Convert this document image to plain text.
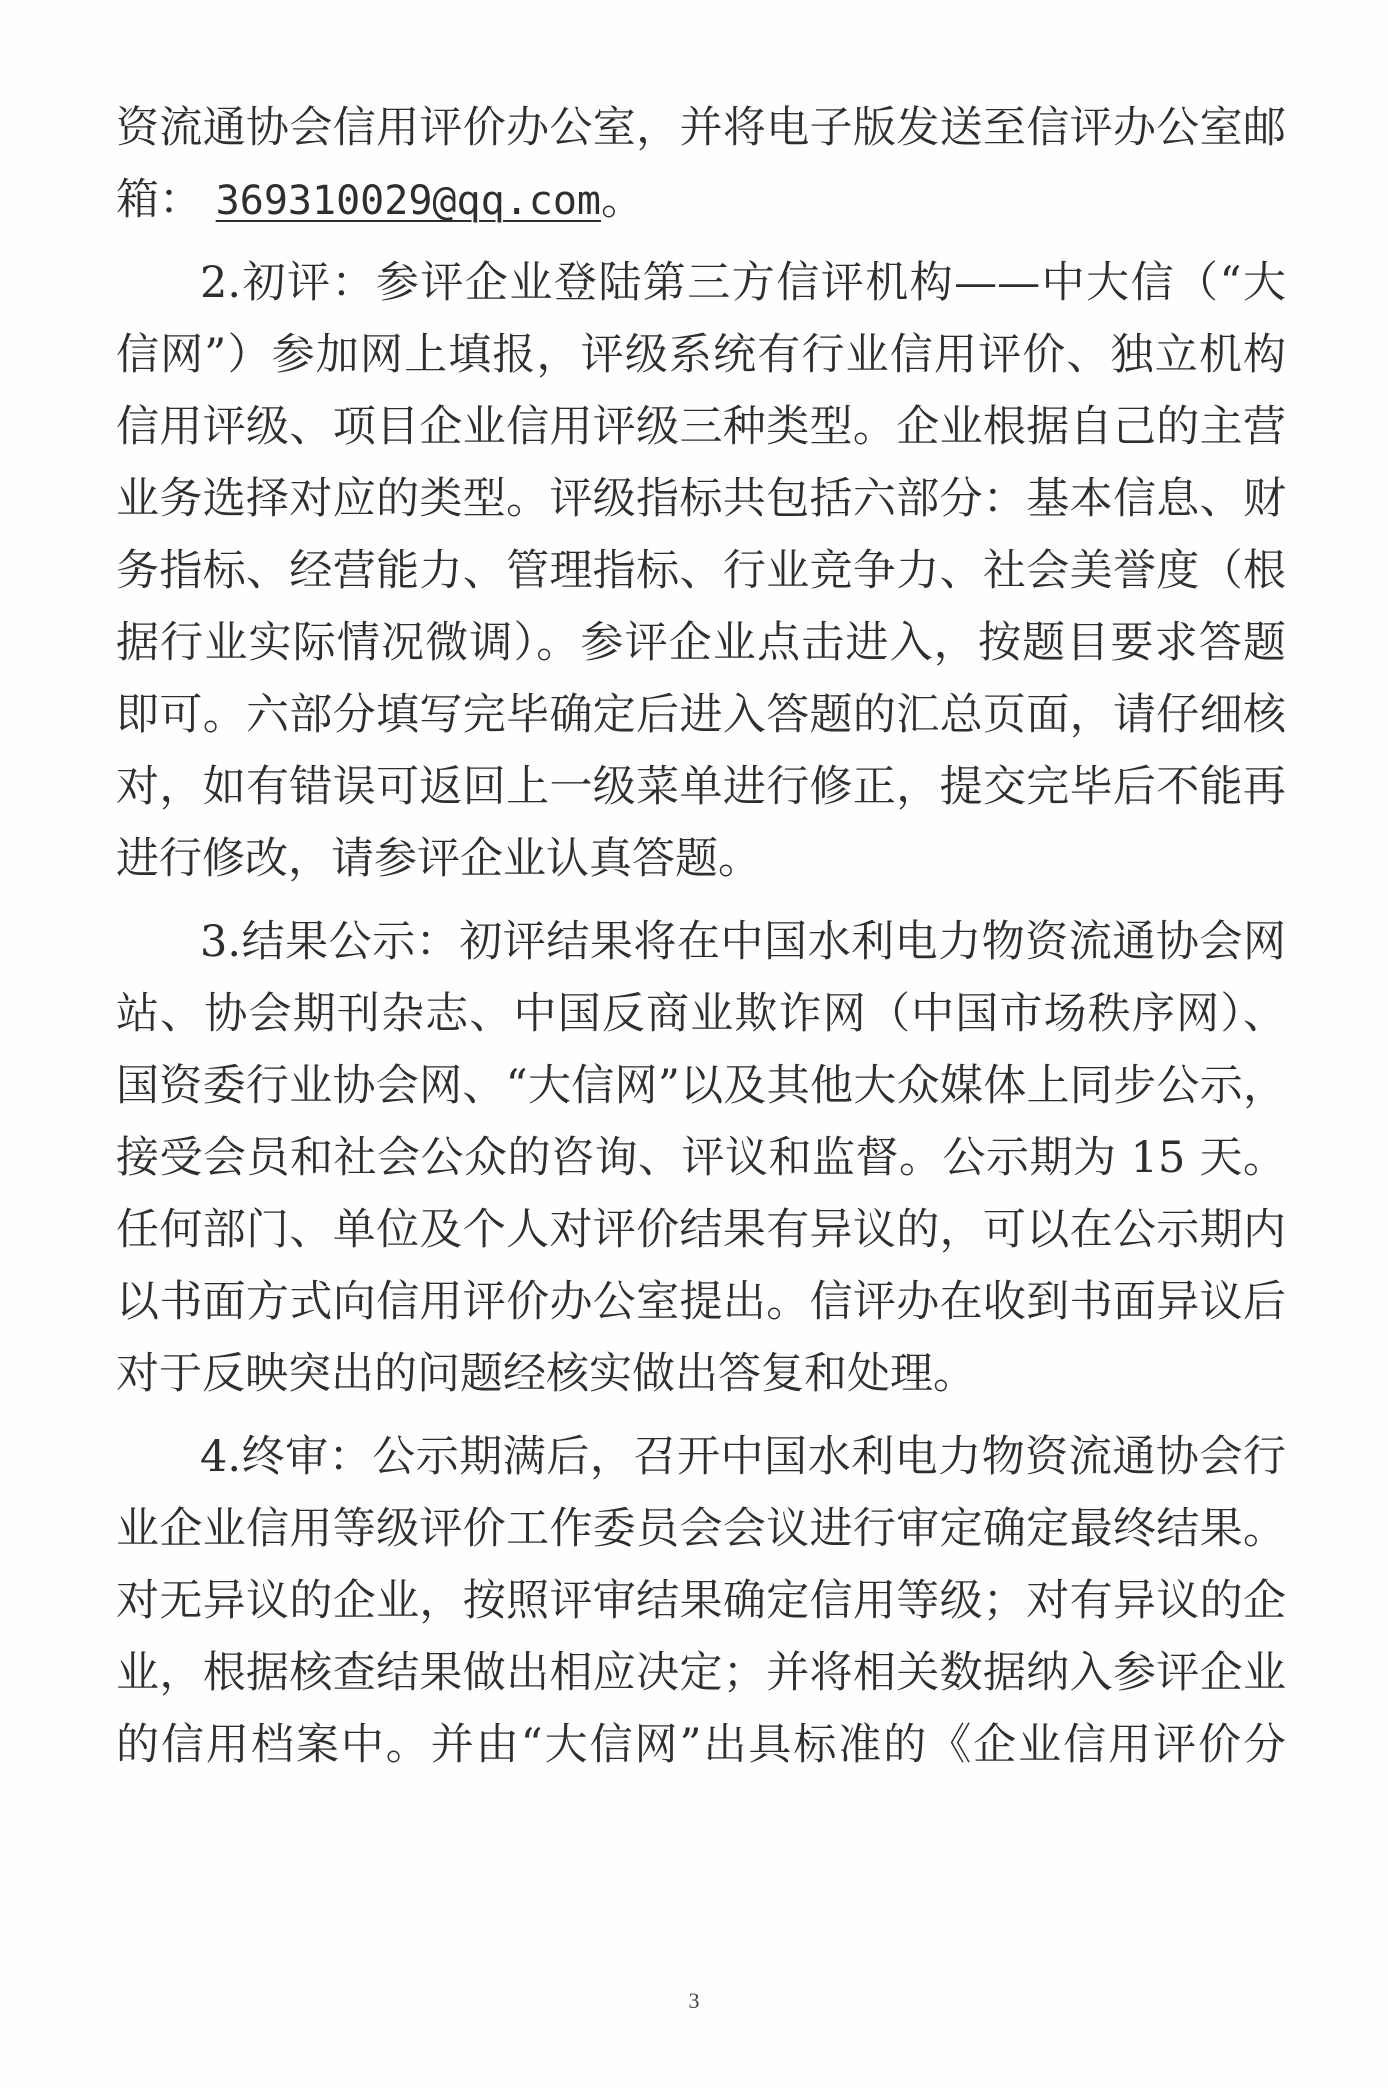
资流通协会信用评价办公室，并将电子版发送至信评办公室邮
箱： 369310029@qq.com。
2.初评：参评企业登陆第三方信评机构——中大信（“大
信网”）参加网上填报，评级系统有行业信用评价、独立机构
信用评级、项目企业信用评级三种类型。企业根据自己的主营
业务选择对应的类型。评级指标共包括六部分：基本信息、财
务指标、经营能力、管理指标、行业竞争力、社会美誉度（根
据行业实际情况微调）。参评企业点击进入，按题目要求答题
即可。六部分填写完毕确定后进入答题的汇总页面，请仔细核
对，如有错误可返回上一级菜单进行修正，提交完毕后不能再
进行修改，请参评企业认真答题。
3.结果公示：初评结果将在中国水利电力物资流通协会网
站、协会期刊杂志、中国反商业欺诈网（中国市场秩序网）、
国资委行业协会网、“大信网”以及其他大众媒体上同步公示，
接受会员和社会公众的咨询、评议和监督。公示期为 15 天。
任何部门、单位及个人对评价结果有异议的，可以在公示期内
以书面方式向信用评价办公室提出。信评办在收到书面异议后
对于反映突出的问题经核实做出答复和处理。
4.终审：公示期满后，召开中国水利电力物资流通协会行
业企业信用等级评价工作委员会会议进行审定确定最终结果。
对无异议的企业，按照评审结果确定信用等级；对有异议的企
业，根据核查结果做出相应决定；并将相关数据纳入参评企业
的信用档案中。并由“大信网”出具标准的《企业信用评价分
3
